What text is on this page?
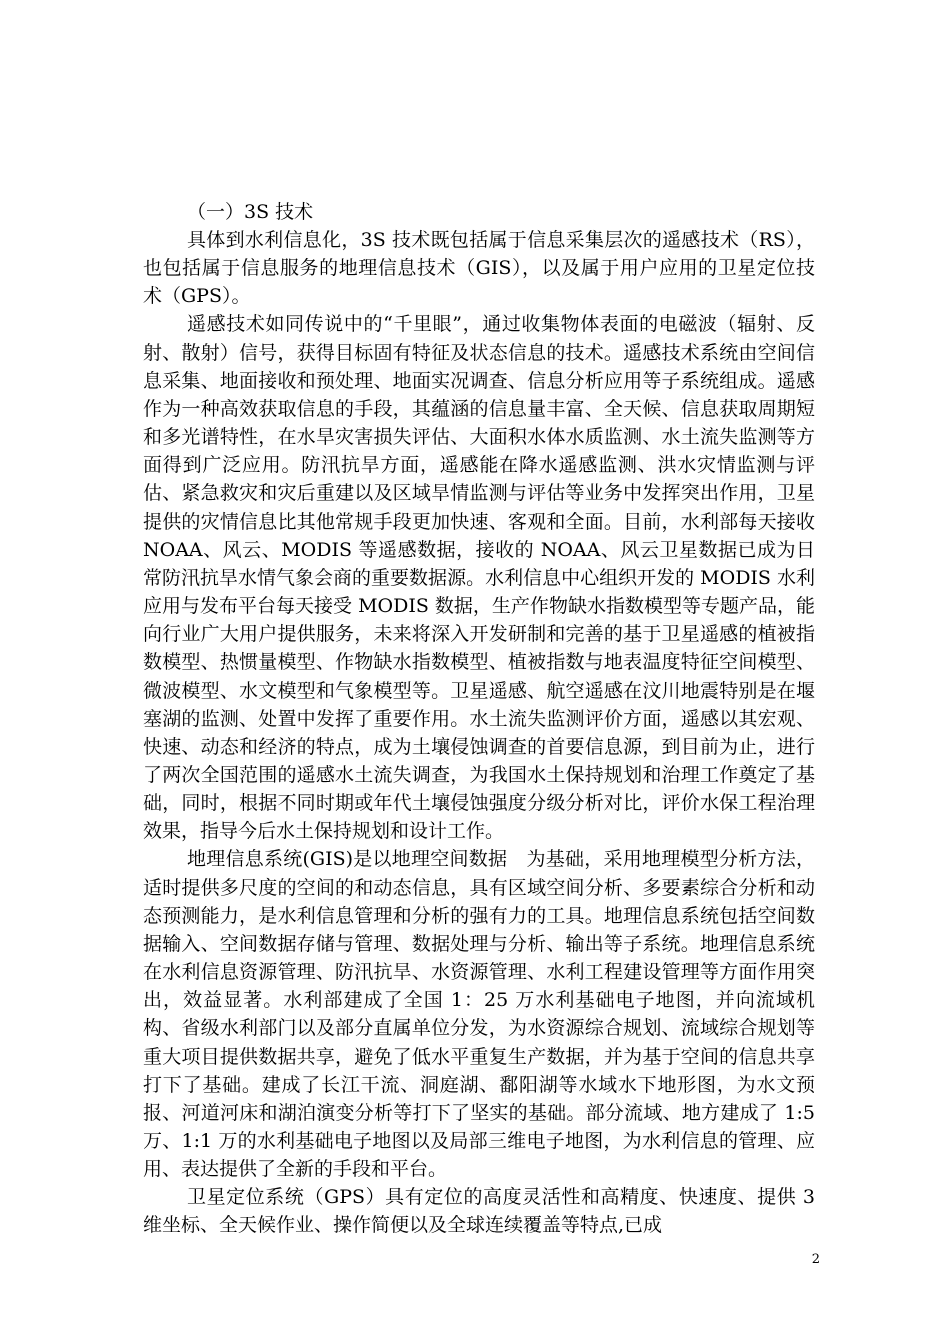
（一）3S 技术

具体到水利信息化，3S 技术既包括属于信息采集层次的遥感技术（RS），也包括属于信息服务的地理信息技术（GIS），以及属于用户应用的卫星定位技术（GPS）。

遥感技术如同传说中的“千里眼”，通过收集物体表面的电磁波（辐射、反射、散射）信号，获得目标固有特征及状态信息的技术。遥感技术系统由空间信息采集、地面接收和预处理、地面实况调查、信息分析应用等子系统组成。遥感作为一种高效获取信息的手段，其蕴涵的信息量丰富、全天候、信息获取周期短和多光谱特性，在水旱灾害损失评估、大面积水体水质监测、水土流失监测等方面得到广泛应用。防汛抗旱方面，遥感能在降水遥感监测、洪水灾情监测与评估、紧急救灾和灾后重建以及区域旱情监测与评估等业务中发挥突出作用，卫星提供的灾情信息比其他常规手段更加快速、客观和全面。目前，水利部每天接收 NOAA、风云、MODIS 等遥感数据，接收的 NOAA、风云卫星数据已成为日常防汛抗旱水情气象会商的重要数据源。水利信息中心组织开发的 MODIS 水利应用与发布平台每天接受 MODIS 数据，生产作物缺水指数模型等专题产品，能向行业广大用户提供服务，未来将深入开发研制和完善的基于卫星遥感的植被指数模型、热惯量模型、作物缺水指数模型、植被指数与地表温度特征空间模型、微波模型、水文模型和气象模型等。卫星遥感、航空遥感在汶川地震特别是在堰塞湖的监测、处置中发挥了重要作用。水土流失监测评价方面，遥感以其宏观、快速、动态和经济的特点，成为土壤侵蚀调查的首要信息源，到目前为止，进行了两次全国范围的遥感水土流失调查，为我国水土保持规划和治理工作奠定了基础，同时，根据不同时期或年代土壤侵蚀强度分级分析对比，评价水保工程治理效果，指导今后水土保持规划和设计工作。

地理信息系统(GIS)是以地理空间数据　为基础，采用地理模型分析方法，适时提供多尺度的空间的和动态信息，具有区域空间分析、多要素综合分析和动态预测能力，是水利信息管理和分析的强有力的工具。地理信息系统包括空间数据输入、空间数据存储与管理、数据处理与分析、输出等子系统。地理信息系统在水利信息资源管理、防汛抗旱、水资源管理、水利工程建设管理等方面作用突出，效益显著。水利部建成了全国 1：25 万水利基础电子地图，并向流域机构、省级水利部门以及部分直属单位分发，为水资源综合规划、流域综合规划等重大项目提供数据共享，避免了低水平重复生产数据，并为基于空间的信息共享打下了基础。建成了长江干流、洞庭湖、鄱阳湖等水域水下地形图，为水文预报、河道河床和湖泊演变分析等打下了坚实的基础。部分流域、地方建成了 1:5 万、1:1 万的水利基础电子地图以及局部三维电子地图，为水利信息的管理、应用、表达提供了全新的手段和平台。

卫星定位系统（GPS）具有定位的高度灵活性和高精度、快速度、提供 3 维坐标、全天候作业、操作简便以及全球连续覆盖等特点,已成

2
